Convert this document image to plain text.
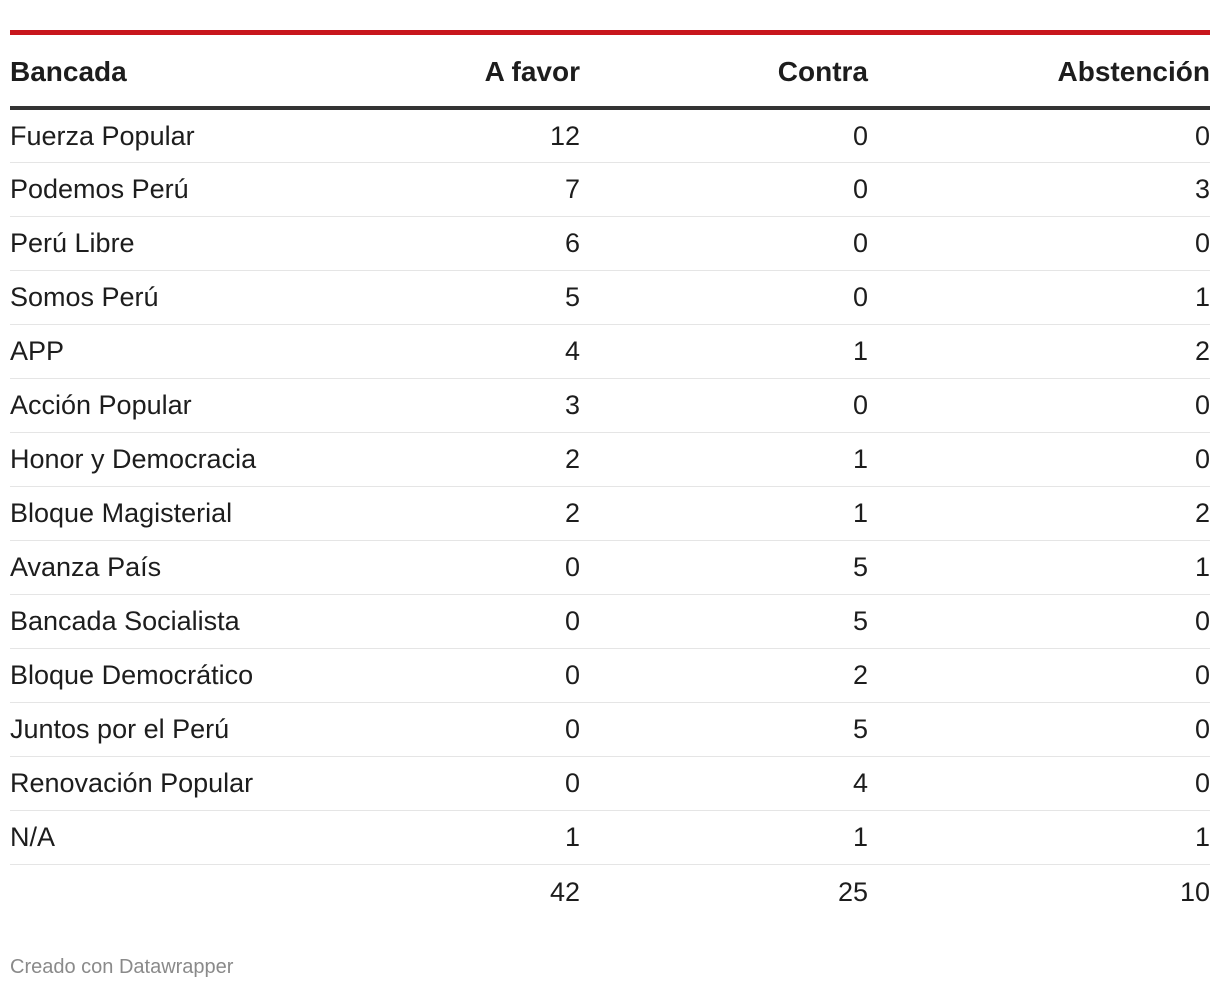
Bancada	A favor	Contra	Abstención
Fuerza Popular	12	0	0
Podemos Perú	7	0	3
Perú Libre	6	0	0
Somos Perú	5	0	1
APP	4	1	2
Acción Popular	3	0	0
Honor y Democracia	2	1	0
Bloque Magisterial	2	1	2
Avanza País	0	5	1
Bancada Socialista	0	5	0
Bloque Democrático	0	2	0
Juntos por el Perú	0	5	0
Renovación Popular	0	4	0
N/A	1	1	1
	42	25	10
Creado con Datawrapper
